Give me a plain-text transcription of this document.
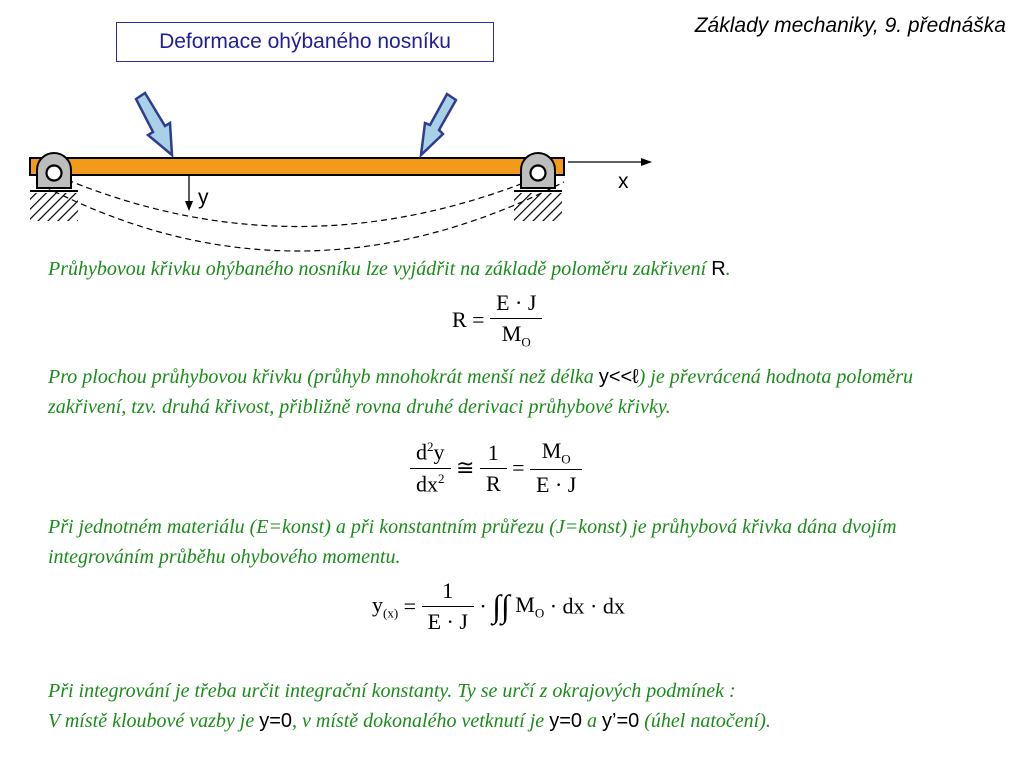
Základy mechaniky, 9. přednáška
Deformace ohýbaného nosníku
x
y
Průhybovou křivku ohýbaného nosníku lze vyjádřit na základě poloměru zakřivení R.
$R = \frac{E \cdot J}{M_O}$
Pro plochou průhybovou křivku (průhyb mnohokrát menší než délka y<<ℓ) je převrácená hodnota poloměru zakřivení, tzv. druhá křivost, přibližně rovna druhé derivaci průhybové křivky.
$\frac{d^2y}{dx^2}$ ≅ $\frac{1}{R} = \frac{M_O}{E \cdot J}$
Při jednotném materiálu (E=konst) a při konstantním průřezu (J=konst) je průhybová křivka dána dvojím integrováním průběhu ohybového momentu.
$y_{(x)} = \frac{1}{E \cdot J}$ · ∫∫ $M_O$ · dx · dx
Při integrování je třeba určit integrační konstanty. Ty se určí z okrajových podmínek :
V místě kloubové vazby je y=0, v místě dokonalého vetknutí je y=0 a y’=0 (úhel natočení).
